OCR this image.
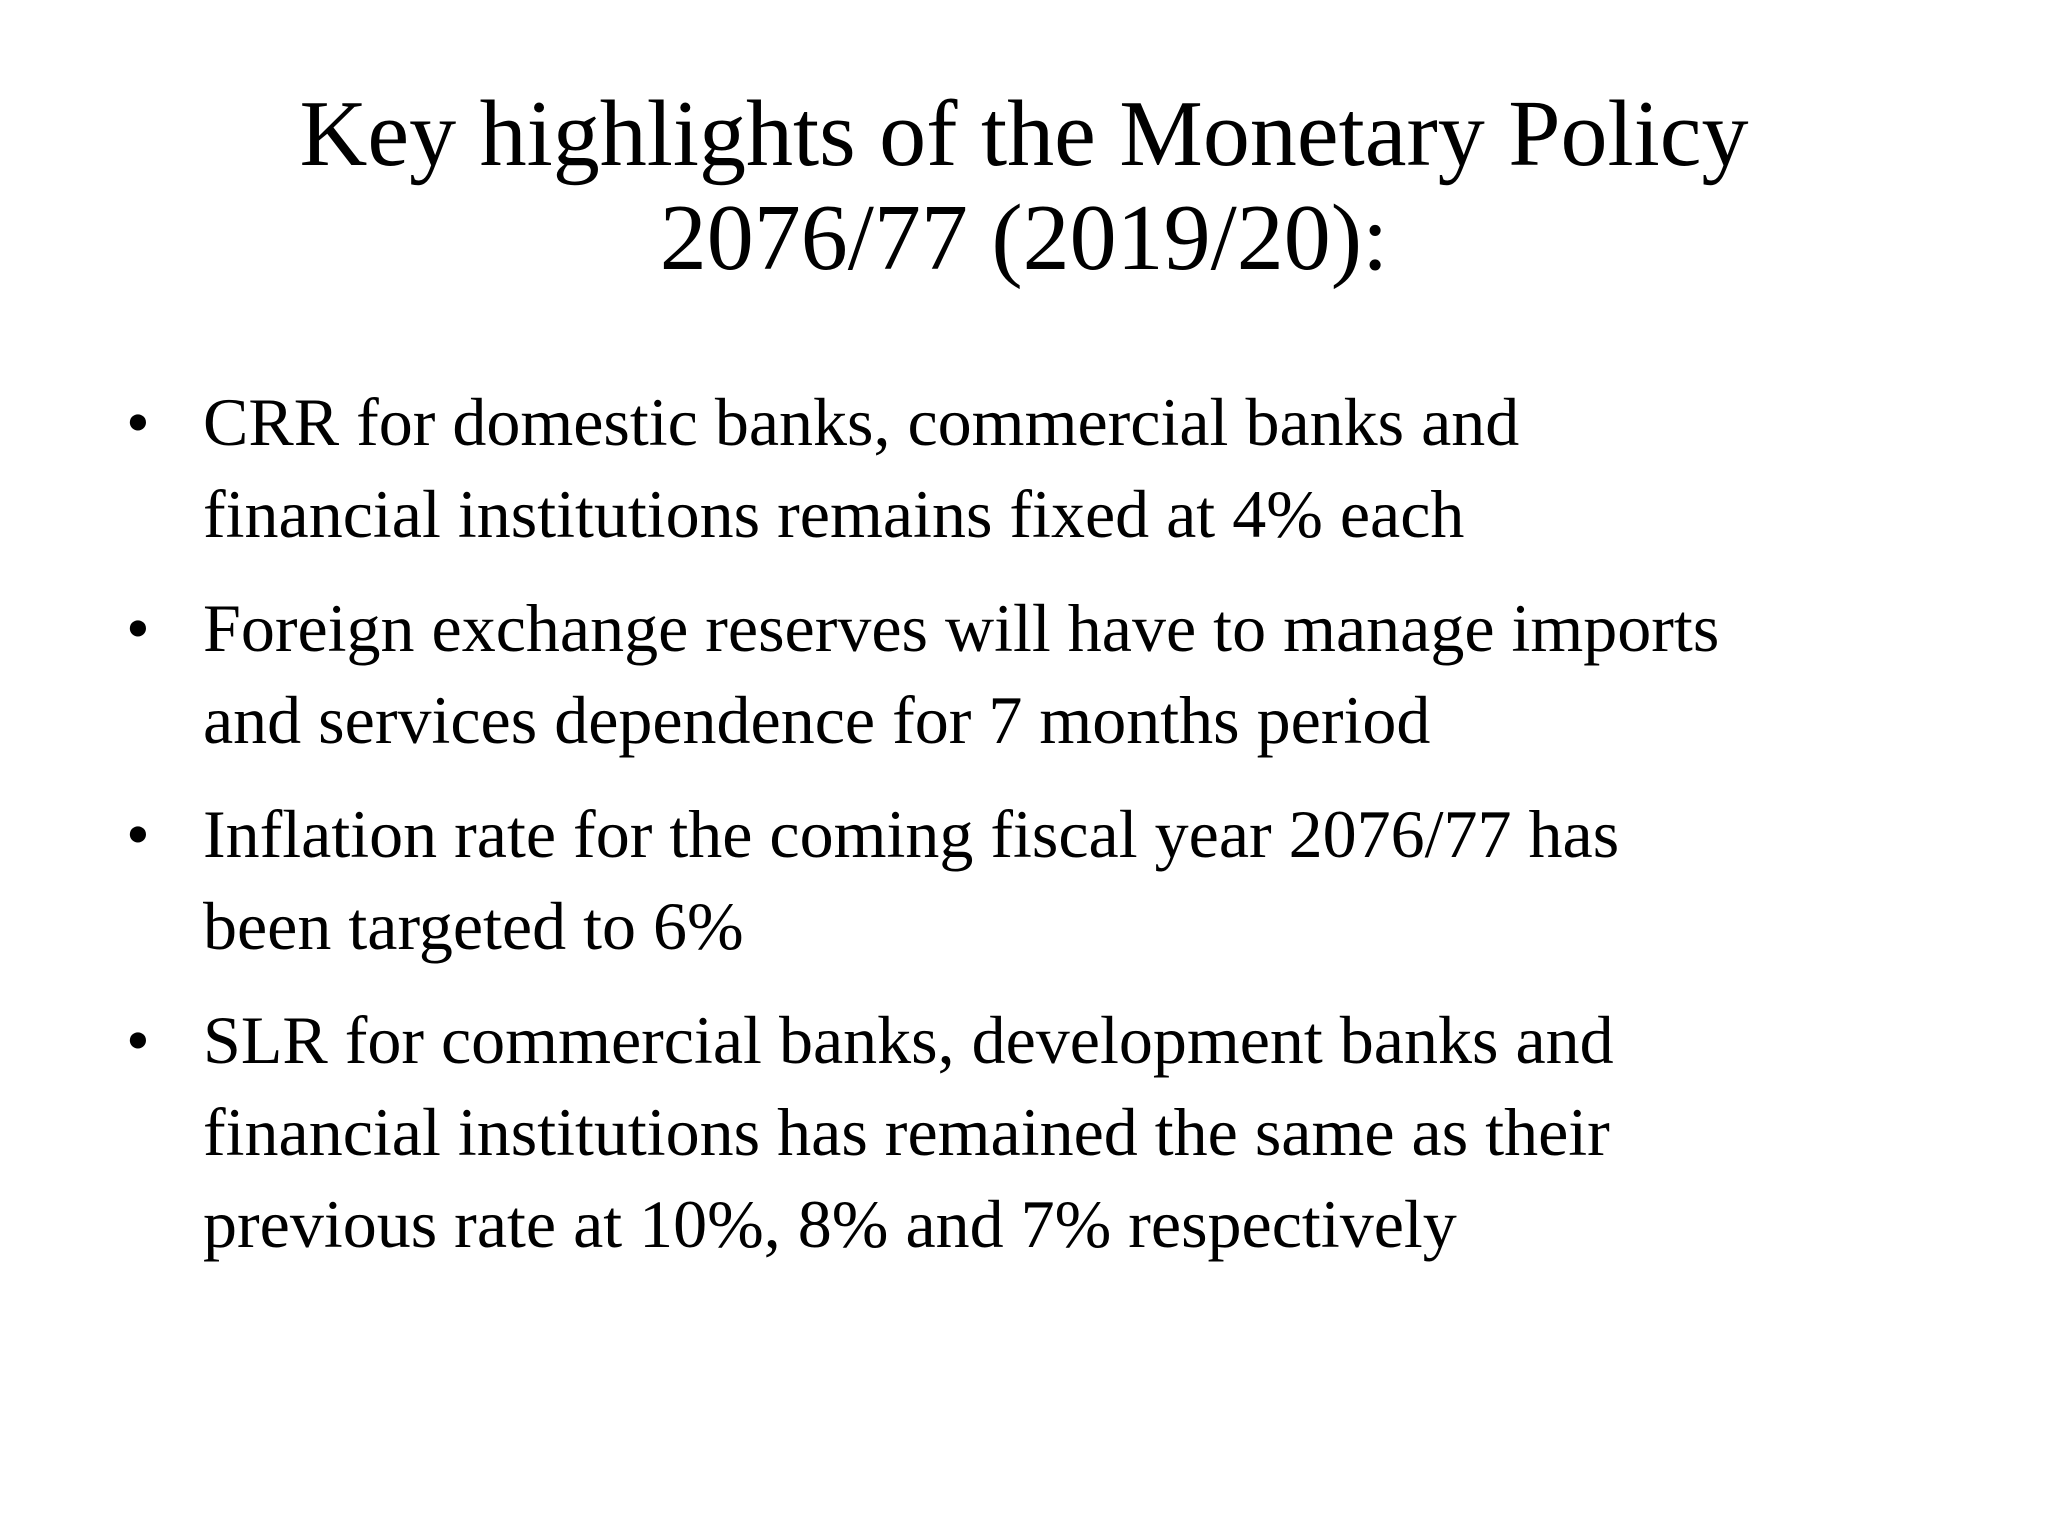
Key highlights of the Monetary Policy
2076/77 (2019/20):
• CRR for domestic banks, commercial banks and
financial institutions remains fixed at 4% each
• Foreign exchange reserves will have to manage imports
and services dependence for 7 months period
• Inflation rate for the coming fiscal year 2076/77 has
been targeted to 6%
• SLR for commercial banks, development banks and
financial institutions has remained the same as their
previous rate at 10%, 8% and 7% respectively
